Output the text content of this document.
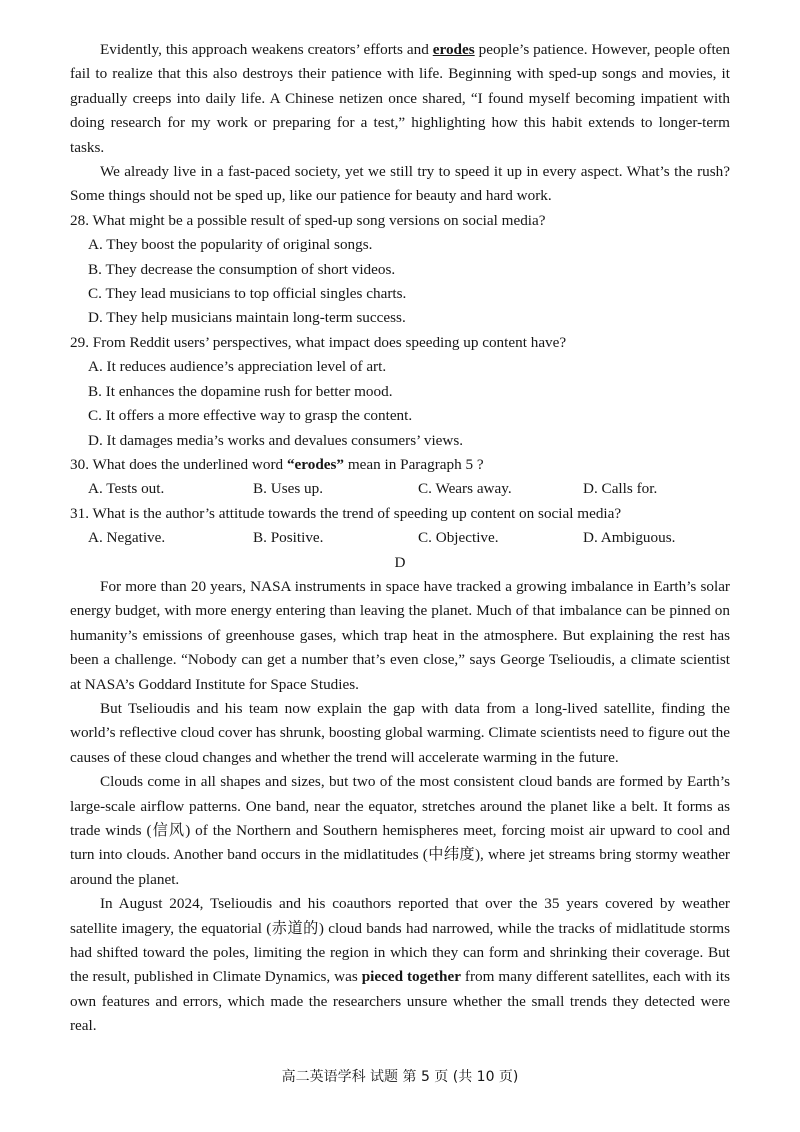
Evidently, this approach weakens creators’ efforts and erodes people’s patience. However, people often fail to realize that this also destroys their patience with life. Beginning with sped-up songs and movies, it gradually creeps into daily life. A Chinese netizen once shared, “I found myself becoming impatient with doing research for my work or preparing for a test,” highlighting how this habit extends to longer-term tasks.

We already live in a fast-paced society, yet we still try to speed it up in every aspect. What’s the rush? Some things should not be sped up, like our patience for beauty and hard work.

28. What might be a possible result of sped-up song versions on social media?

A. They boost the popularity of original songs.

B. They decrease the consumption of short videos.

C. They lead musicians to top official singles charts.

D. They help musicians maintain long-term success.

29. From Reddit users’ perspectives, what impact does speeding up content have?

A. It reduces audience’s appreciation level of art.

B. It enhances the dopamine rush for better mood.

C. It offers a more effective way to grasp the content.

D. It damages media’s works and devalues consumers’ views.

30. What does the underlined word “erodes” mean in Paragraph 5 ?

A. Tests out.	B. Uses up.	C. Wears away.	D. Calls for.

31. What is the author’s attitude towards the trend of speeding up content on social media?

A. Negative.	B. Positive.	C. Objective.	D. Ambiguous.

D

For more than 20 years, NASA instruments in space have tracked a growing imbalance in Earth’s solar energy budget, with more energy entering than leaving the planet. Much of that imbalance can be pinned on humanity’s emissions of greenhouse gases, which trap heat in the atmosphere. But explaining the rest has been a challenge. “Nobody can get a number that’s even close,” says George Tselioudis, a climate scientist at NASA’s Goddard Institute for Space Studies.

But Tselioudis and his team now explain the gap with data from a long-lived satellite, finding the world’s reflective cloud cover has shrunk, boosting global warming. Climate scientists need to figure out the causes of these cloud changes and whether the trend will accelerate warming in the future.

Clouds come in all shapes and sizes, but two of the most consistent cloud bands are formed by Earth’s large-scale airflow patterns. One band, near the equator, stretches around the planet like a belt. It forms as trade winds (信风) of the Northern and Southern hemispheres meet, forcing moist air upward to cool and turn into clouds. Another band occurs in the midlatitudes (中纬度), where jet streams bring stormy weather around the planet.

In August 2024, Tselioudis and his coauthors reported that over the 35 years covered by weather satellite imagery, the equatorial (赤道的) cloud bands had narrowed, while the tracks of midlatitude storms had shifted toward the poles, limiting the region in which they can form and shrinking their coverage. But the result, published in Climate Dynamics, was pieced together from many different satellites, each with its own features and errors, which made the researchers unsure whether the small trends they detected were real.

高二英语学科 试题 第 5 页 (共 10 页)
